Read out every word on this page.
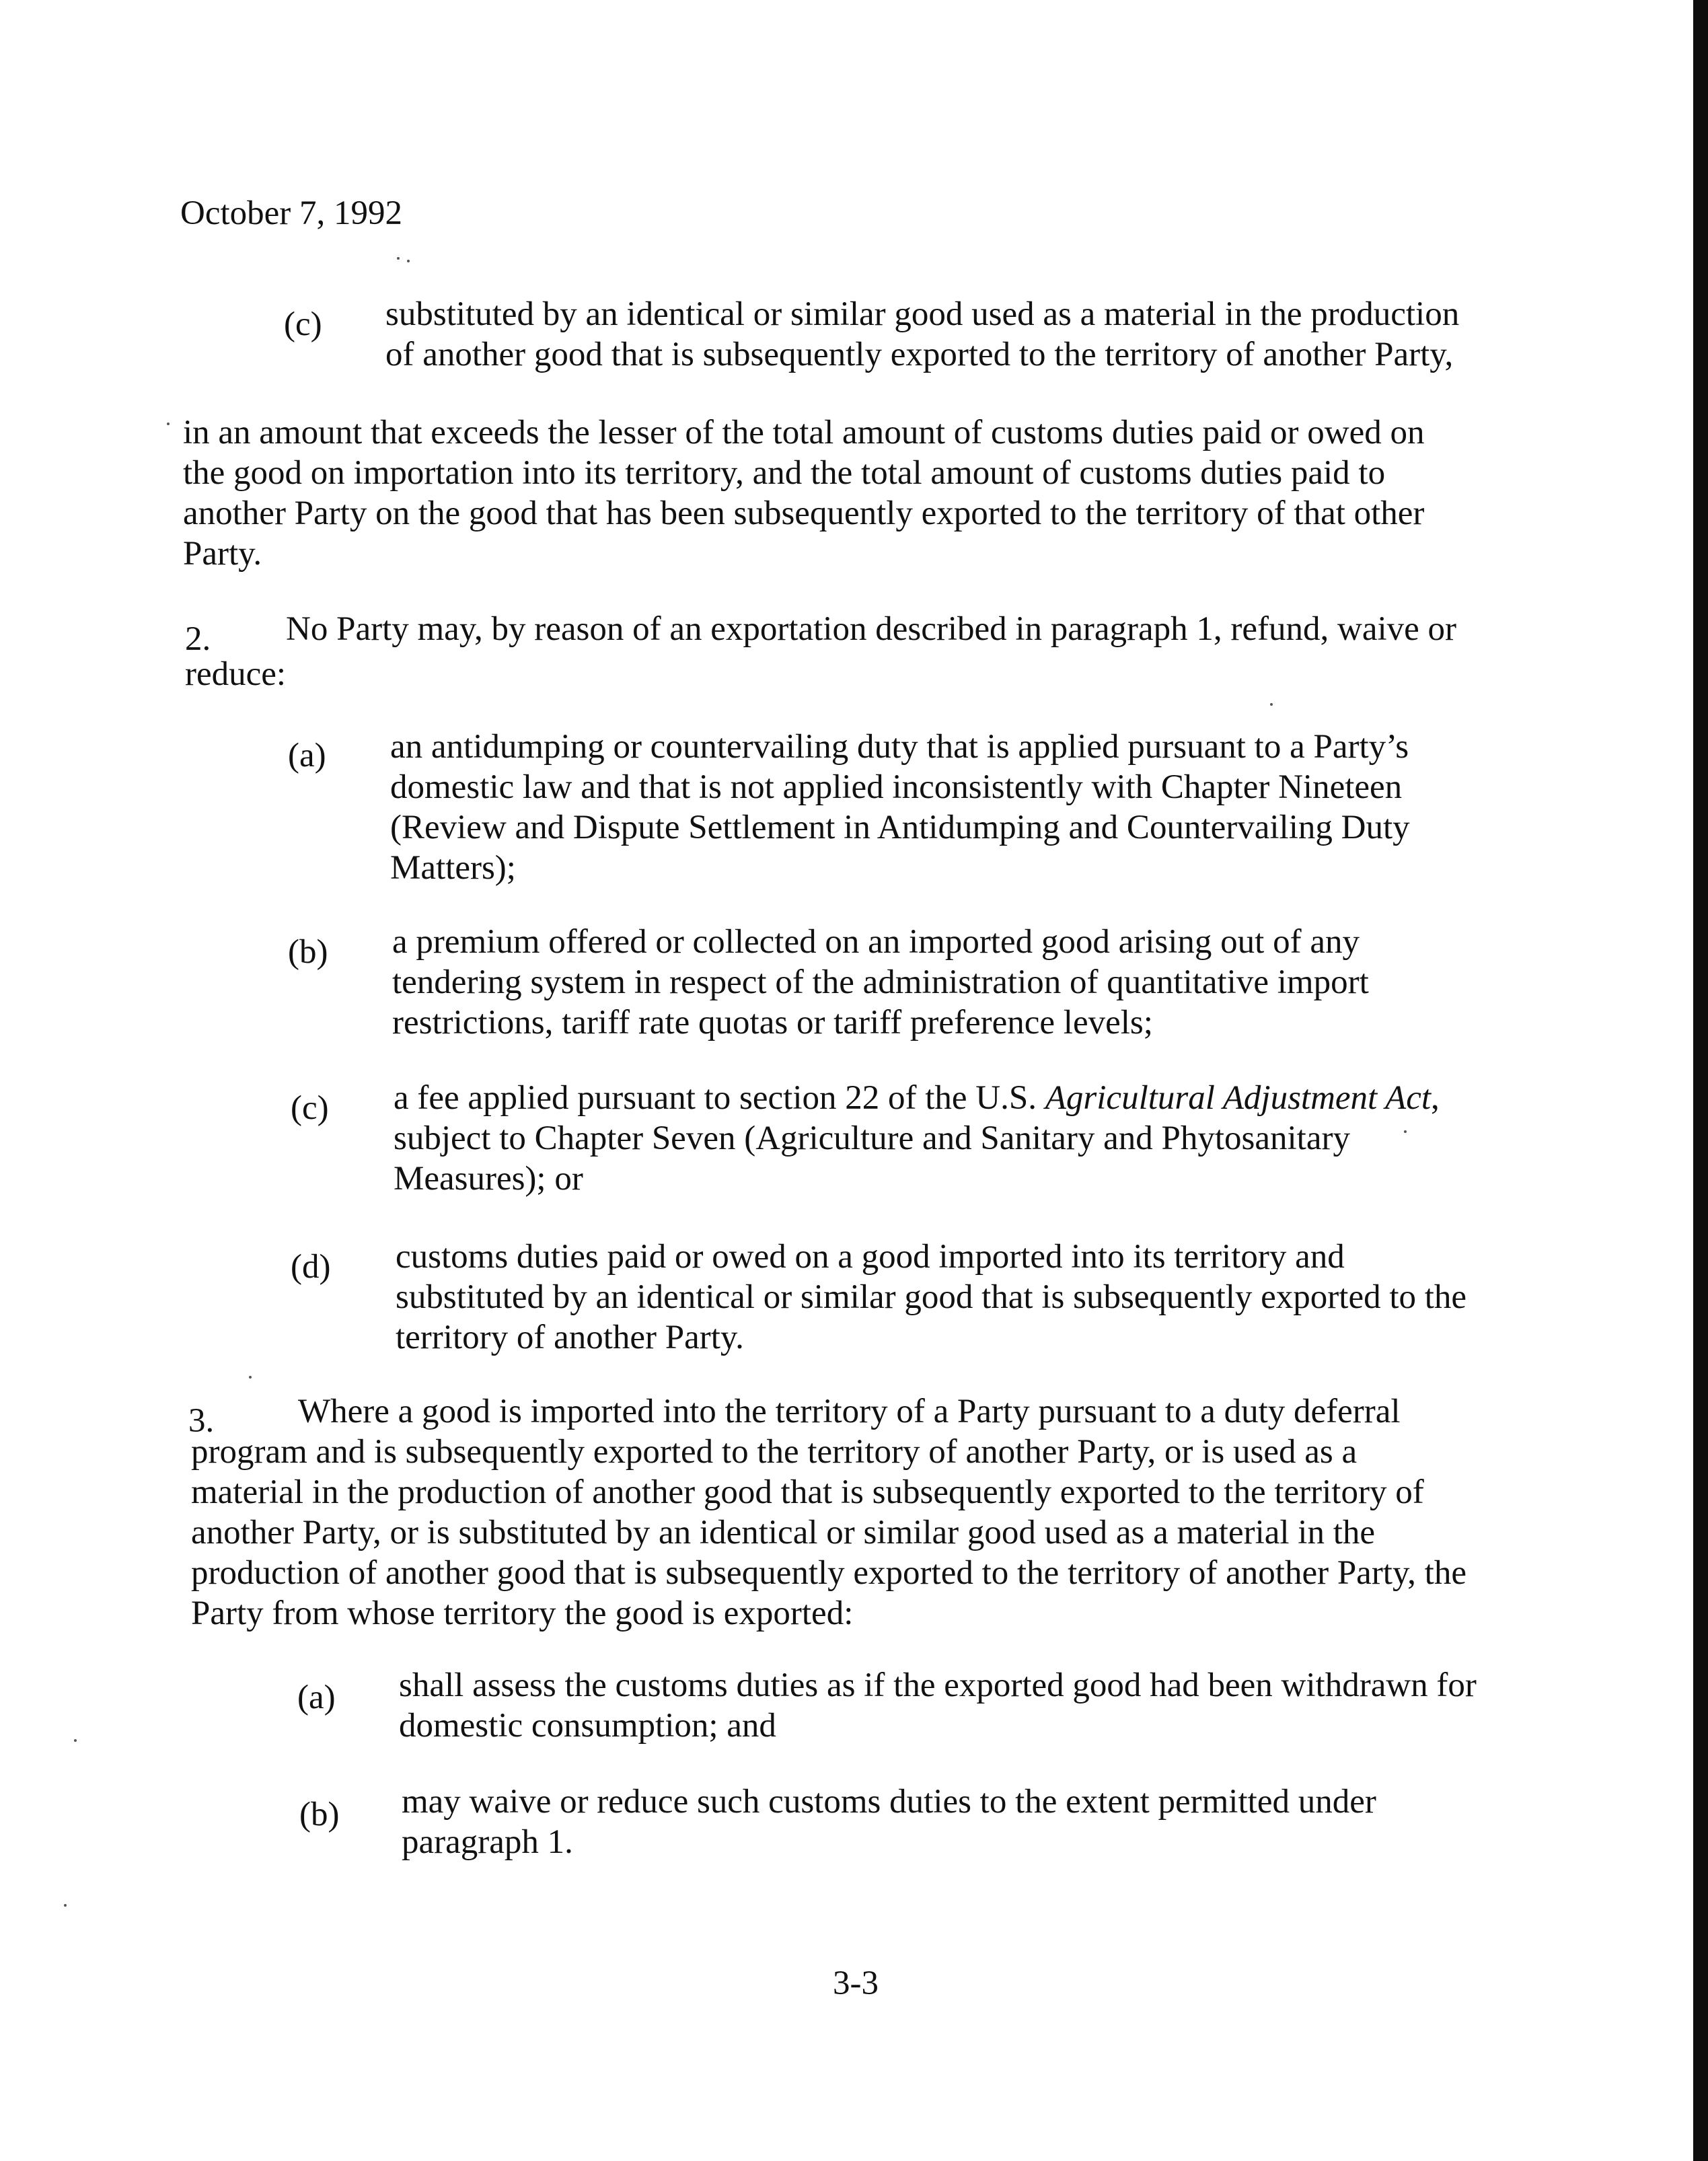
October 7, 1992
(c) substituted by an identical or similar good used as a material in the production
of another good that is subsequently exported to the territory of another Party,
in an amount that exceeds the lesser of the total amount of customs duties paid or owed on
the good on importation into its territory, and the total amount of customs duties paid to
another Party on the good that has been subsequently exported to the territory of that other
Party.
2. No Party may, by reason of an exportation described in paragraph 1, refund, waive or
reduce:
(a) an antidumping or countervailing duty that is applied pursuant to a Party’s
domestic law and that is not applied inconsistently with Chapter Nineteen
(Review and Dispute Settlement in Antidumping and Countervailing Duty
Matters);
(b) a premium offered or collected on an imported good arising out of any
tendering system in respect of the administration of quantitative import
restrictions, tariff rate quotas or tariff preference levels;
(c) a fee applied pursuant to section 22 of the U.S. Agricultural Adjustment Act,
subject to Chapter Seven (Agriculture and Sanitary and Phytosanitary
Measures); or
(d) customs duties paid or owed on a good imported into its territory and
substituted by an identical or similar good that is subsequently exported to the
territory of another Party.
3. Where a good is imported into the territory of a Party pursuant to a duty deferral
program and is subsequently exported to the territory of another Party, or is used as a
material in the production of another good that is subsequently exported to the territory of
another Party, or is substituted by an identical or similar good used as a material in the
production of another good that is subsequently exported to the territory of another Party, the
Party from whose territory the good is exported:
(a) shall assess the customs duties as if the exported good had been withdrawn for
domestic consumption; and
(b) may waive or reduce such customs duties to the extent permitted under
paragraph 1.
3-3
